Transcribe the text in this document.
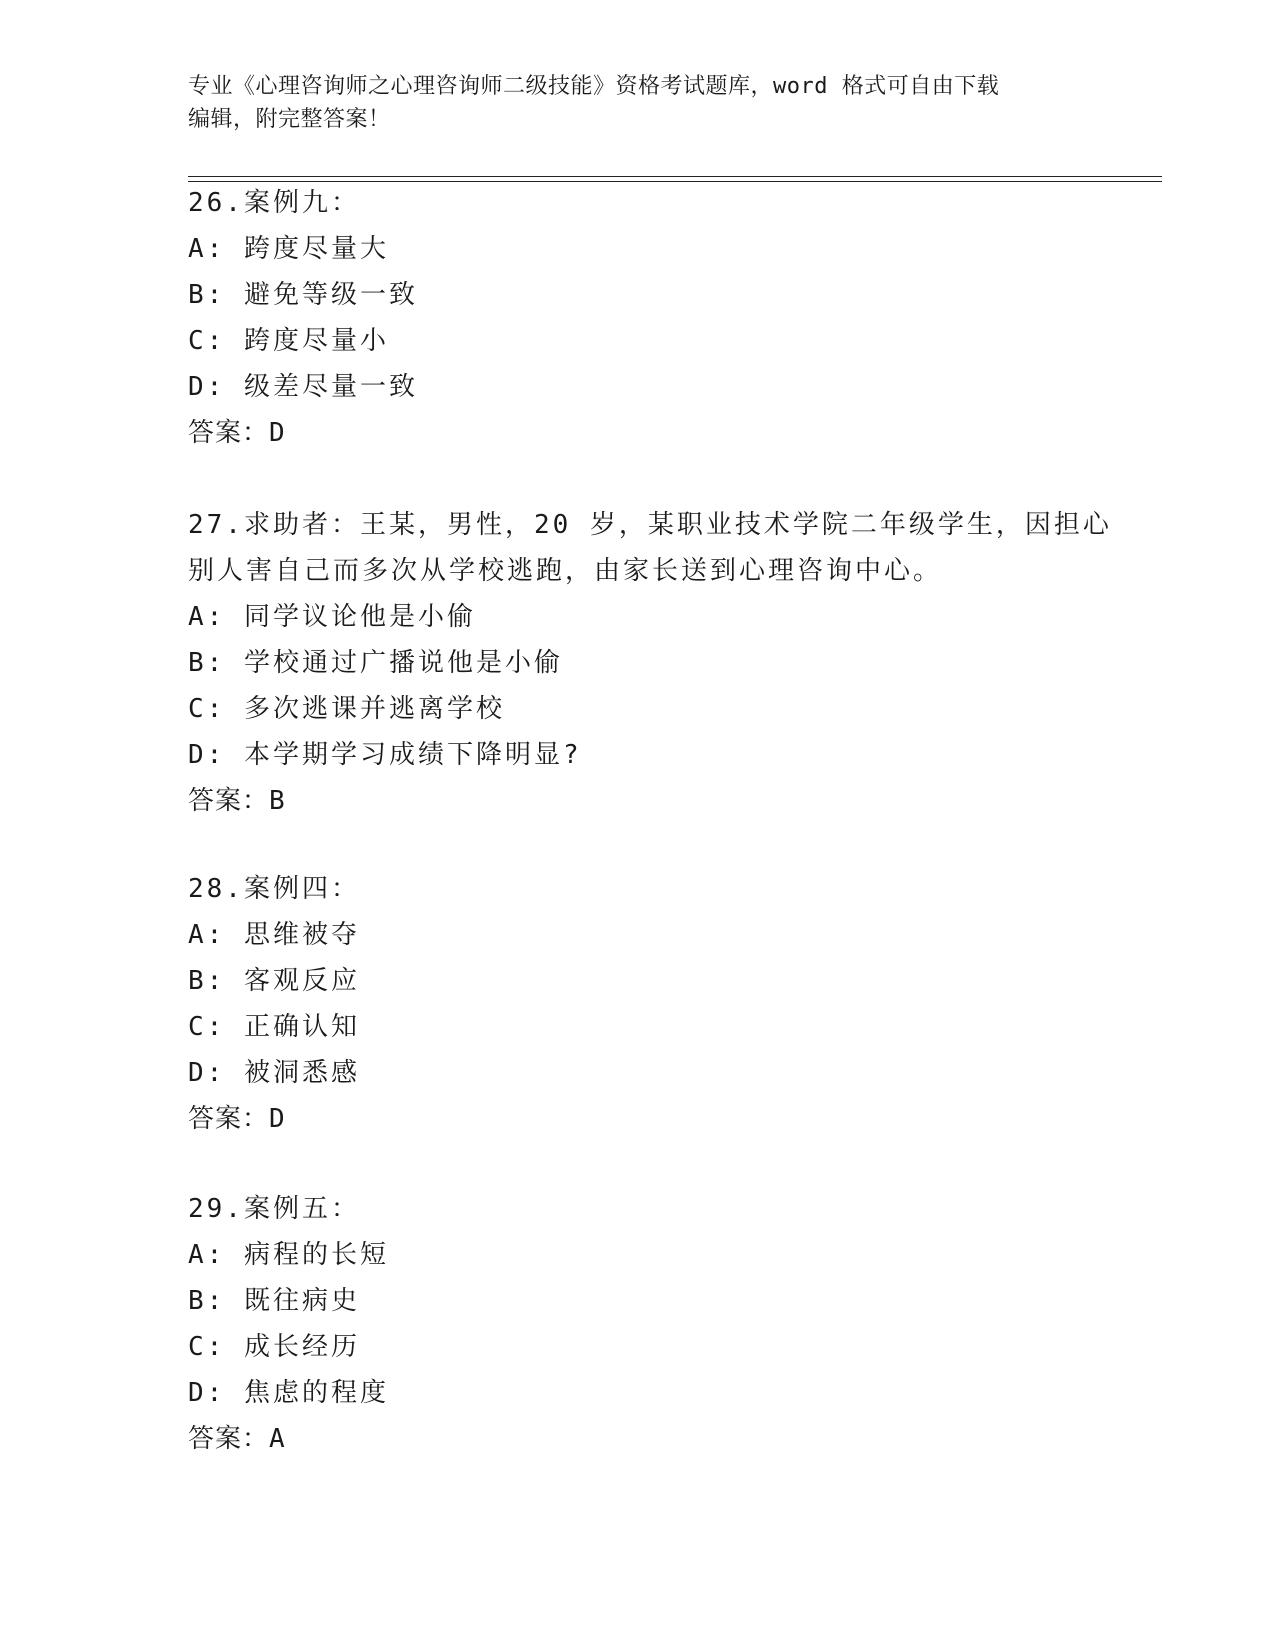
专业《心理咨询师之心理咨询师二级技能》资格考试题库，word 格式可自由下载
编辑，附完整答案！
26.案例九：
A: 跨度尽量大
B: 避免等级一致
C: 跨度尽量小
D: 级差尽量一致
答案：D
27.求助者：王某，男性，20 岁，某职业技术学院二年级学生，因担心
别人害自己而多次从学校逃跑，由家长送到心理咨询中心。
A: 同学议论他是小偷
B: 学校通过广播说他是小偷
C: 多次逃课并逃离学校
D: 本学期学习成绩下降明显?
答案：B
28.案例四：
A: 思维被夺
B: 客观反应
C: 正确认知
D: 被洞悉感
答案：D
29.案例五：
A: 病程的长短
B: 既往病史
C: 成长经历
D: 焦虑的程度
答案：A
